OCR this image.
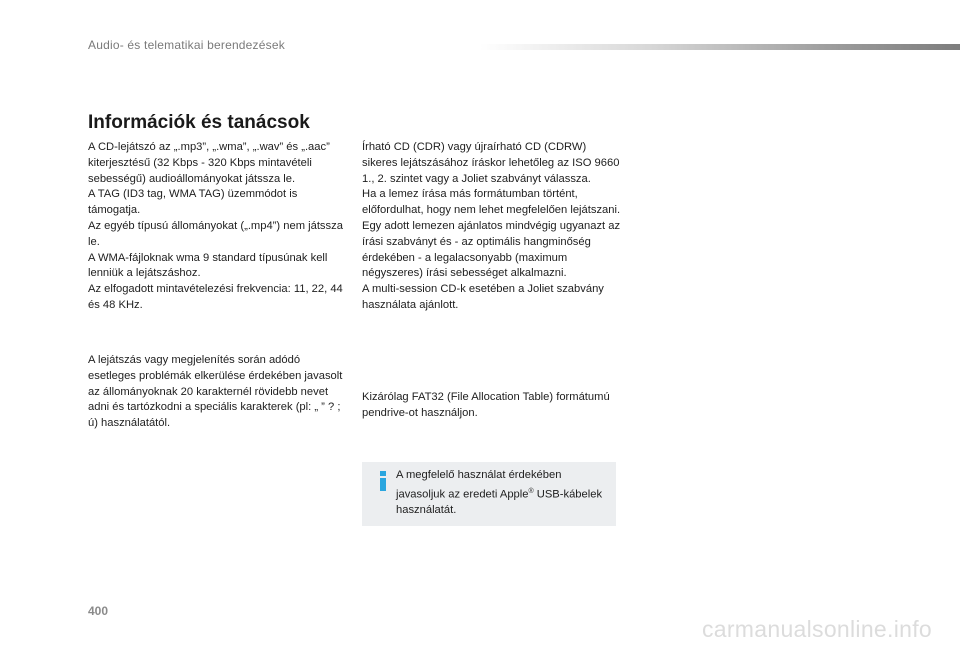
Audio- és telematikai berendezések
Információk és tanácsok

A CD-lejátszó az „.mp3”, „.wma”, „.wav” és „.aac” kiterjesztésű (32 Kbps - 320 Kbps mintavételi sebességű) audioállományokat játssza le.

A TAG (ID3 tag, WMA TAG) üzemmódot is támogatja.

Az egyéb típusú állományokat („.mp4”) nem játssza le.

A WMA-fájloknak wma 9 standard típusúnak kell lenniük a lejátszáshoz.

Az elfogadott mintavételezési frekvencia: 11, 22, 44 és 48 KHz.

A lejátszás vagy megjelenítés során adódó esetleges problémák elkerülése érdekében javasolt az állományoknak 20 karakternél rövidebb nevet adni és tartózkodni a speciális karakterek (pl: „ ” ? ; ú) használatától.

Írható CD (CDR) vagy újraírható CD (CDRW) sikeres lejátszásához íráskor lehetőleg az ISO 9660 1., 2. szintet vagy a Joliet szabványt válassza.

Ha a lemez írása más formátumban történt, előfordulhat, hogy nem lehet megfelelően lejátszani.

Egy adott lemezen ajánlatos mindvégig ugyanazt az írási szabványt és - az optimális hangminőség érdekében - a legalacsonyabb (maximum négyszeres) írási sebességet alkalmazni.

A multi-session CD-k esetében a Joliet szabvány használata ajánlott.

Kizárólag FAT32 (File Allocation Table) formátumú pendrive-ot használjon.

A megfelelő használat érdekében javasoljuk az eredeti Apple® USB-kábelek használatát.
400
carmanualsonline.info
